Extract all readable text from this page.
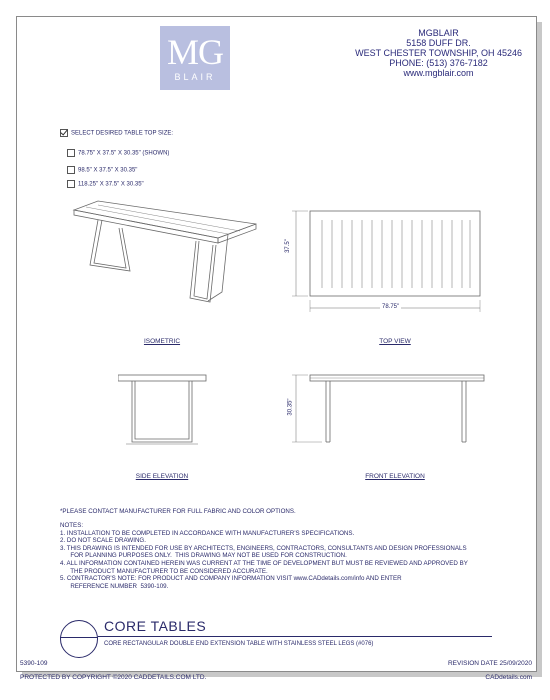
MG
BLAIR
MGBLAIR
5158 DUFF DR.
WEST CHESTER TOWNSHIP, OH 45246
PHONE: (513) 376-7182
www.mgblair.com
SELECT DESIRED TABLE TOP SIZE:
78.75" X 37.5" X 30.35" (SHOWN)
98.5" X 37.5" X 30.35"
118.25" X 37.5" X 30.35"
37.5"
78.75"
ISOMETRIC	TOP VIEW
30.35"
SIDE ELEVATION	FRONT ELEVATION
*PLEASE CONTACT MANUFACTURER FOR FULL FABRIC AND COLOR OPTIONS.
NOTES:
1. INSTALLATION TO BE COMPLETED IN ACCORDANCE WITH MANUFACTURER'S SPECIFICATIONS.
2. DO NOT SCALE DRAWING.
3. THIS DRAWING IS INTENDED FOR USE BY ARCHITECTS, ENGINEERS, CONTRACTORS, CONSULTANTS AND DESIGN PROFESSIONALS
FOR PLANNING PURPOSES ONLY.  THIS DRAWING MAY NOT BE USED FOR CONSTRUCTION.
4. ALL INFORMATION CONTAINED HEREIN WAS CURRENT AT THE TIME OF DEVELOPMENT BUT MUST BE REVIEWED AND APPROVED BY
THE PRODUCT MANUFACTURER TO BE CONSIDERED ACCURATE.
5. CONTRACTOR'S NOTE: FOR PRODUCT AND COMPANY INFORMATION VISIT www.CADdetails.com/info AND ENTER
REFERENCE NUMBER  5390-109.
CORE TABLES
CORE RECTANGULAR DOUBLE END EXTENSION TABLE WITH STAINLESS STEEL LEGS (#076)
5390-109	REVISION DATE 25/09/2020
PROTECTED BY COPYRIGHT ©2020 CADDETAILS.COM LTD.	CADdetails.com
